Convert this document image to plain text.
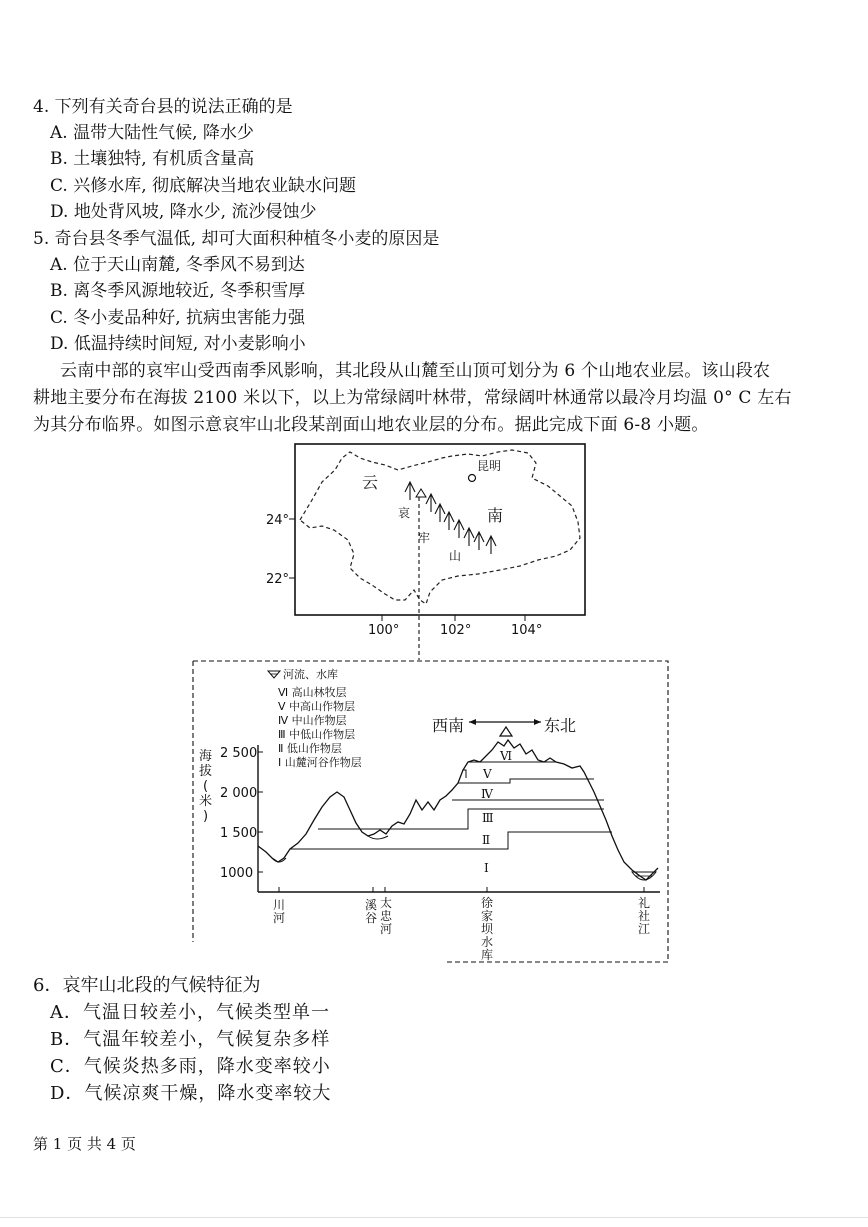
4. 下列有关奇台县的说法正确的是
A. 温带大陆性气候, 降水少
B. 土壤独特, 有机质含量高
C. 兴修水库, 彻底解决当地农业缺水问题
D. 地处背风坡, 降水少, 流沙侵蚀少
5. 奇台县冬季气温低, 却可大面积种植冬小麦的原因是
A. 位于天山南麓, 冬季风不易到达
B. 离冬季风源地较近, 冬季积雪厚
C. 冬小麦品种好, 抗病虫害能力强
D. 低温持续时间短, 对小麦影响小
云南中部的哀牢山受西南季风影响，其北段从山麓至山顶可划分为 6 个山地农业层。该山段农
耕地主要分布在海拔 2100 米以下，以上为常绿阔叶林带，常绿阔叶林通常以最冷月均温 0° C 左右
为其分布临界。如图示意哀牢山北段某剖面山地农业层的分布。据此完成下面 6-8 小题。
昆明
云
南
哀
牢
山
24°
22°
100°	102°	104°
河流、水库
Ⅵ 高山林牧层
Ⅴ 中高山作物层
Ⅳ 中山作物层
Ⅲ 中低山作物层
Ⅱ 低山作物层
Ⅰ 山麓河谷作物层
西南	东北
2 500
2 000
1 500
1000
海
拔
(
米
)
Ⅵ
Ⅴ
Ⅳ
Ⅲ
Ⅱ
Ⅰ
川
河
溪
谷
太
忠
河
徐
家
坝
水
库
礼
社
江
6．哀牢山北段的气候特征为
A．气温日较差小，气候类型单一
B．气温年较差小，气候复杂多样
C．气候炎热多雨，降水变率较小
D．气候凉爽干燥，降水变率较大
第 1 页 共 4 页
